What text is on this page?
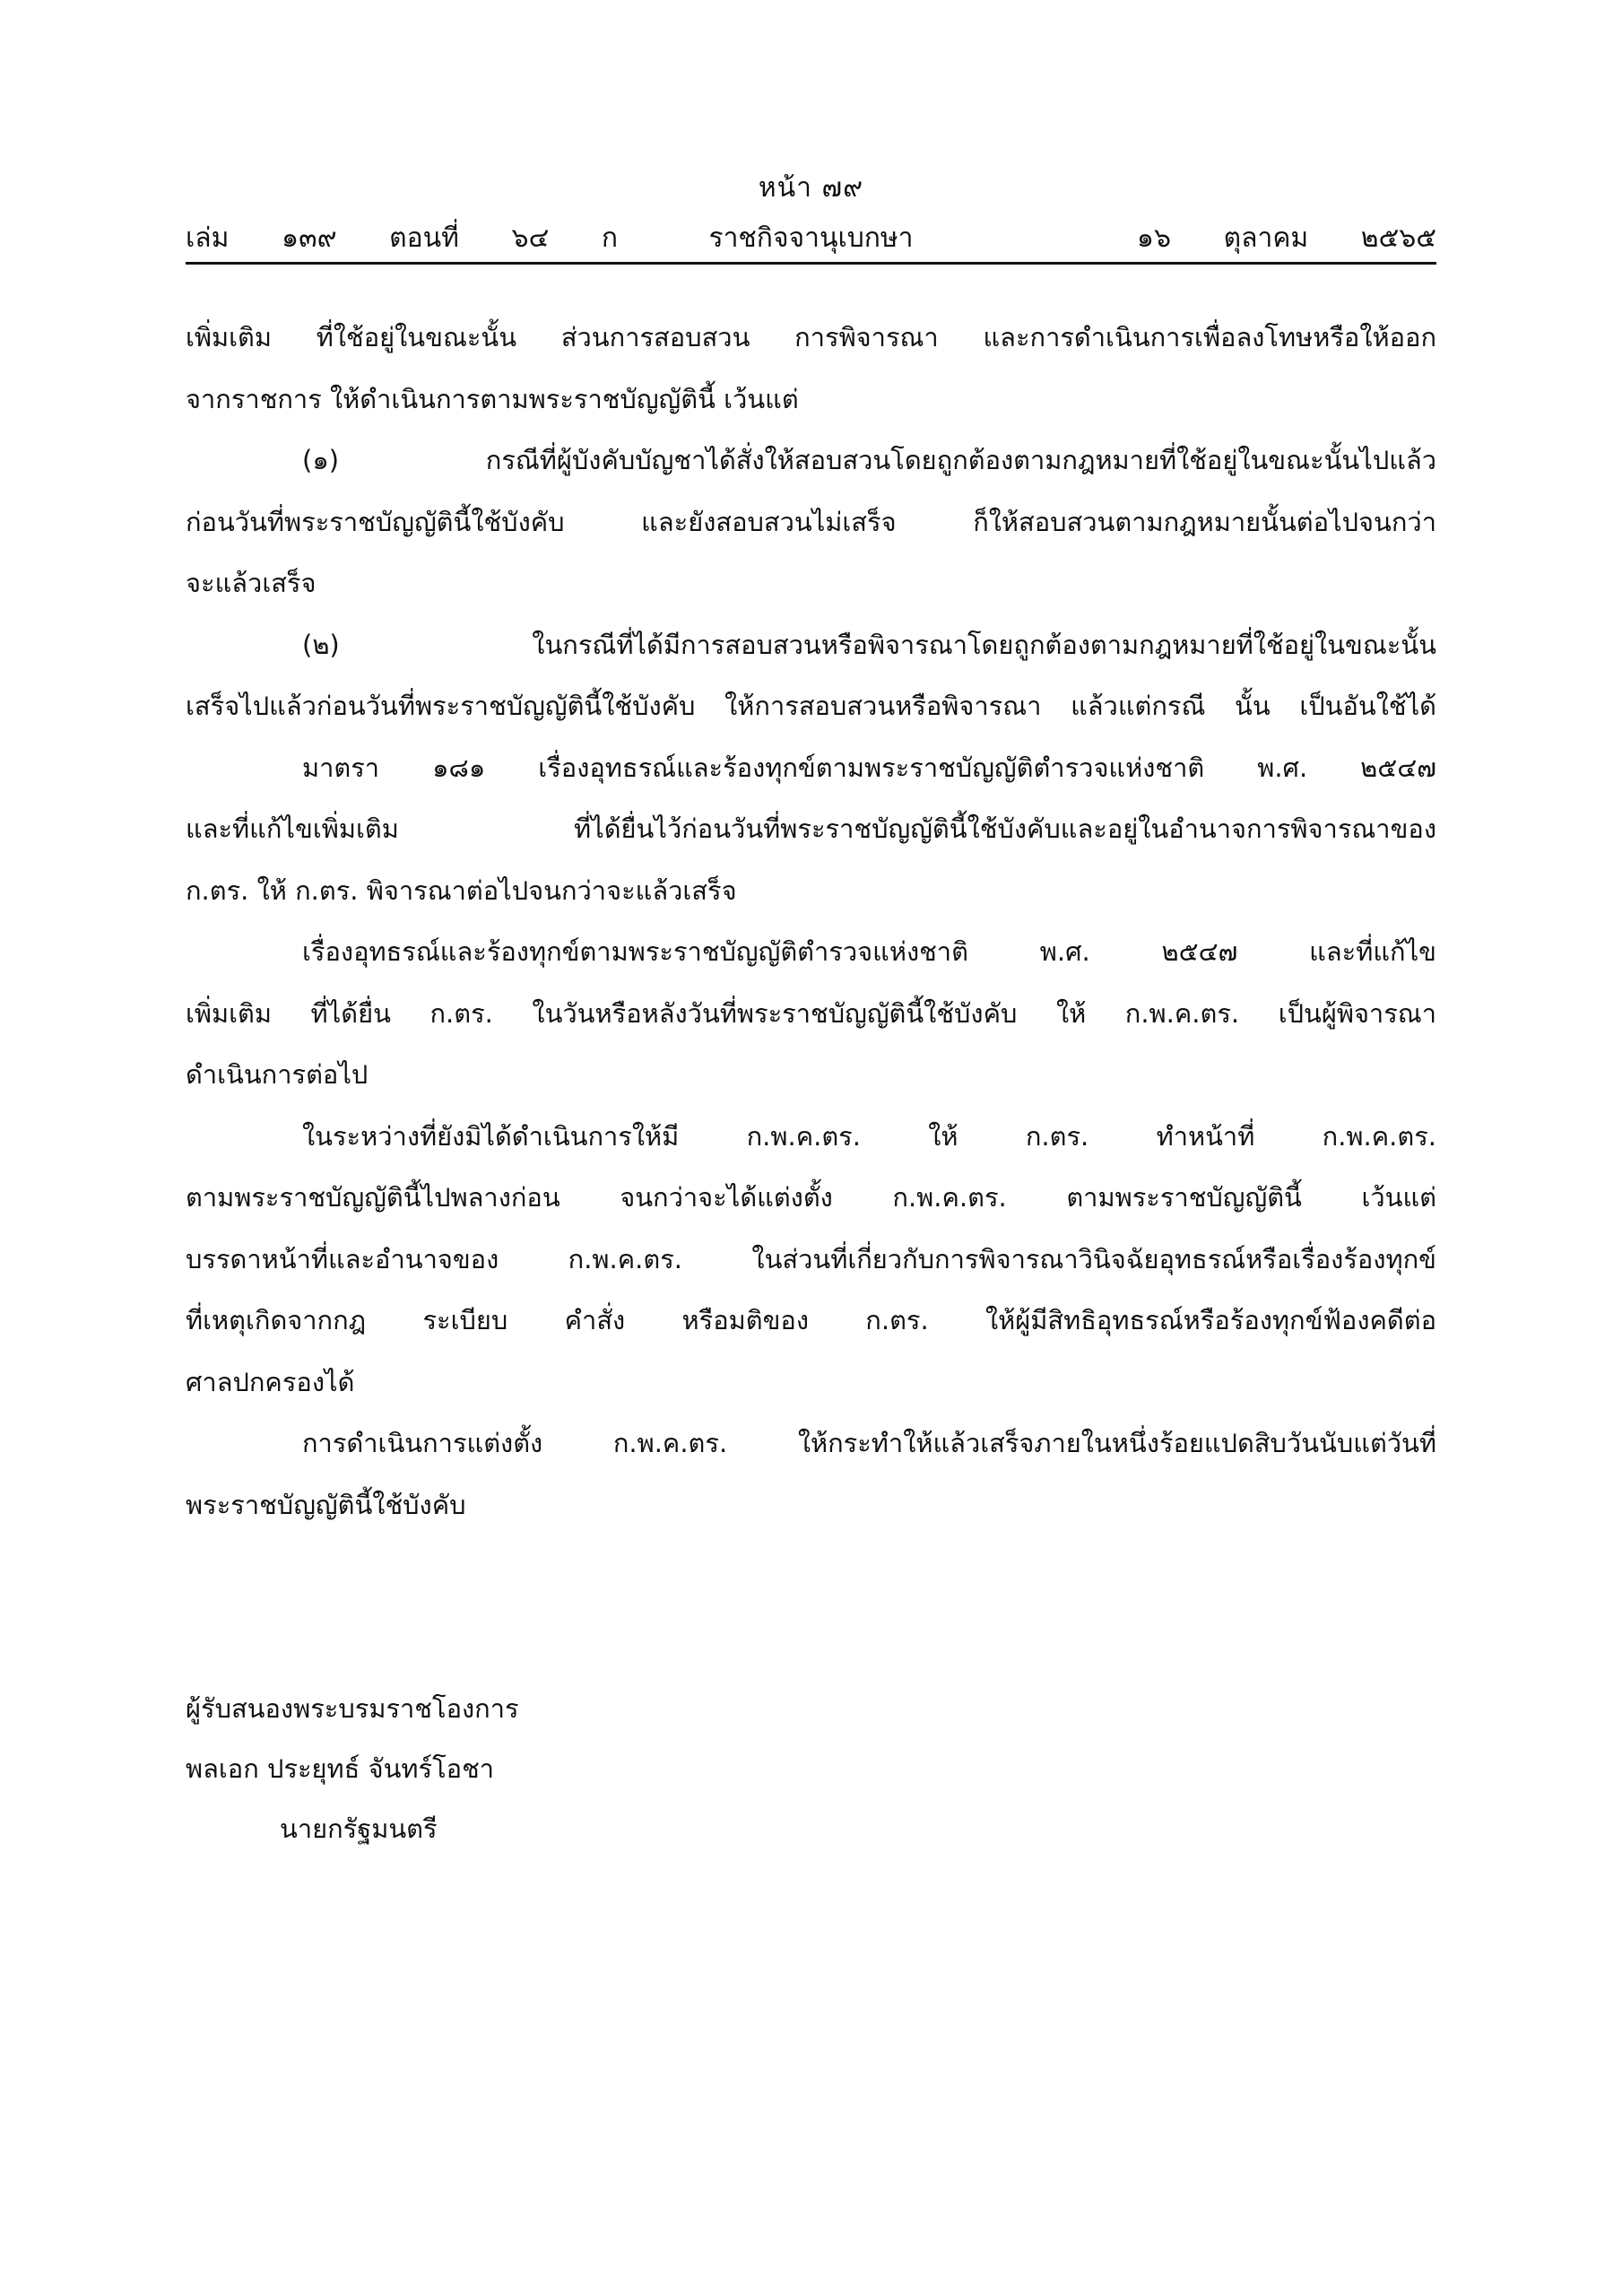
หน้า ๗๙
เล่ม   ๑๓๙   ตอนที่   ๖๔   ก	ราชกิจจานุเบกษา	๑๖   ตุลาคม   ๒๕๖๕
เพิ่มเติม ที่ใช้อยู่ในขณะนั้น ส่วนการสอบสวน การพิจารณา และการดำเนินการเพื่อลงโทษหรือให้ออก
จากราชการ ให้ดำเนินการตามพระราชบัญญัตินี้ เว้นแต่
(๑) กรณีที่ผู้บังคับบัญชาได้สั่งให้สอบสวนโดยถูกต้องตามกฎหมายที่ใช้อยู่ในขณะนั้นไปแล้ว
ก่อนวันที่พระราชบัญญัตินี้ใช้บังคับ และยังสอบสวนไม่เสร็จ ก็ให้สอบสวนตามกฎหมายนั้นต่อไปจนกว่า
จะแล้วเสร็จ
(๒) ในกรณีที่ได้มีการสอบสวนหรือพิจารณาโดยถูกต้องตามกฎหมายที่ใช้อยู่ในขณะนั้น
เสร็จไปแล้วก่อนวันที่พระราชบัญญัตินี้ใช้บังคับ ให้การสอบสวนหรือพิจารณา แล้วแต่กรณี นั้น เป็นอันใช้ได้
มาตรา ๑๘๑ เรื่องอุทธรณ์และร้องทุกข์ตามพระราชบัญญัติตำรวจแห่งชาติ พ.ศ. ๒๕๔๗
และที่แก้ไขเพิ่มเติม ที่ได้ยื่นไว้ก่อนวันที่พระราชบัญญัตินี้ใช้บังคับและอยู่ในอำนาจการพิจารณาของ
ก.ตร. ให้ ก.ตร. พิจารณาต่อไปจนกว่าจะแล้วเสร็จ
เรื่องอุทธรณ์และร้องทุกข์ตามพระราชบัญญัติตำรวจแห่งชาติ พ.ศ. ๒๕๔๗ และที่แก้ไข
เพิ่มเติม ที่ได้ยื่น ก.ตร. ในวันหรือหลังวันที่พระราชบัญญัตินี้ใช้บังคับ ให้ ก.พ.ค.ตร. เป็นผู้พิจารณา
ดำเนินการต่อไป
ในระหว่างที่ยังมิได้ดำเนินการให้มี ก.พ.ค.ตร. ให้ ก.ตร. ทำหน้าที่ ก.พ.ค.ตร.
ตามพระราชบัญญัตินี้ไปพลางก่อน จนกว่าจะได้แต่งตั้ง ก.พ.ค.ตร. ตามพระราชบัญญัตินี้ เว้นแต่
บรรดาหน้าที่และอำนาจของ ก.พ.ค.ตร. ในส่วนที่เกี่ยวกับการพิจารณาวินิจฉัยอุทธรณ์หรือเรื่องร้องทุกข์
ที่เหตุเกิดจากกฎ ระเบียบ คำสั่ง หรือมติของ ก.ตร. ให้ผู้มีสิทธิอุทธรณ์หรือร้องทุกข์ฟ้องคดีต่อ
ศาลปกครองได้
การดำเนินการแต่งตั้ง ก.พ.ค.ตร. ให้กระทำให้แล้วเสร็จภายในหนึ่งร้อยแปดสิบวันนับแต่วันที่
พระราชบัญญัตินี้ใช้บังคับ
ผู้รับสนองพระบรมราชโองการ
พลเอก ประยุทธ์ จันทร์โอชา
นายกรัฐมนตรี
